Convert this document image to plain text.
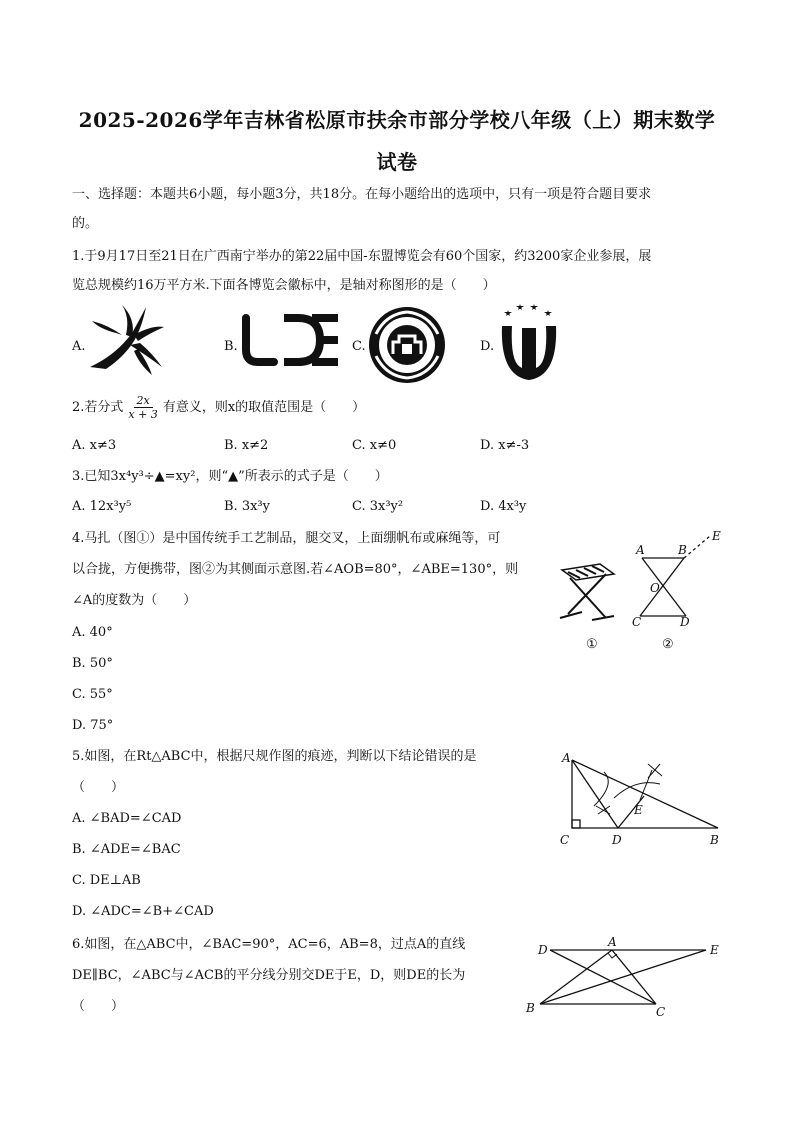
2025-2026学年吉林省松原市扶余市部分学校八年级（上）期末数学
试卷
一、选择题：本题共6小题，每小题3分，共18分。在每小题给出的选项中，只有一项是符合题目要求
的。
1.于9月17日至21日在广西南宁举办的第22届中国-东盟博览会有60个国家，约3200家企业参展，展
览总规模约16万平方米.下面各博览会徽标中，是轴对称图形的是（　　）
A.	B.	C.	D.
2.若分式 $\frac{2x}{x + 3}$ 有意义，则x的取值范围是（　　）
A. x≠3	B. x≠2	C. x≠0	D. x≠-3
3.已知3x⁴y³÷▲=xy²，则“▲”所表示的式子是（　　）
A. 12x³y⁵	B. 3x³y	C. 3x³y²	D. 4x³y
4.马扎（图①）是中国传统手工艺制品，腿交叉，上面绷帆布或麻绳等，可
以合拢，方便携带，图②为其侧面示意图.若∠AOB=80°，∠ABE=130°，则
∠A的度数为（　　）
A. 40°
B. 50°
C. 55°
D. 75°
A	B
E
O
C	D
①	②
5.如图，在Rt△ABC中，根据尺规作图的痕迹，判断以下结论错误的是
（　　）
A. ∠BAD=∠CAD
B. ∠ADE=∠BAC
C. DE⊥AB
D. ∠ADC=∠B+∠CAD
A
C	D	B
E
6.如图，在△ABC中，∠BAC=90°，AC=6，AB=8，过点A的直线
DE∥BC，∠ABC与∠ACB的平分线分别交DE于E，D，则DE的长为
（　　）
D
A
E
B	C
